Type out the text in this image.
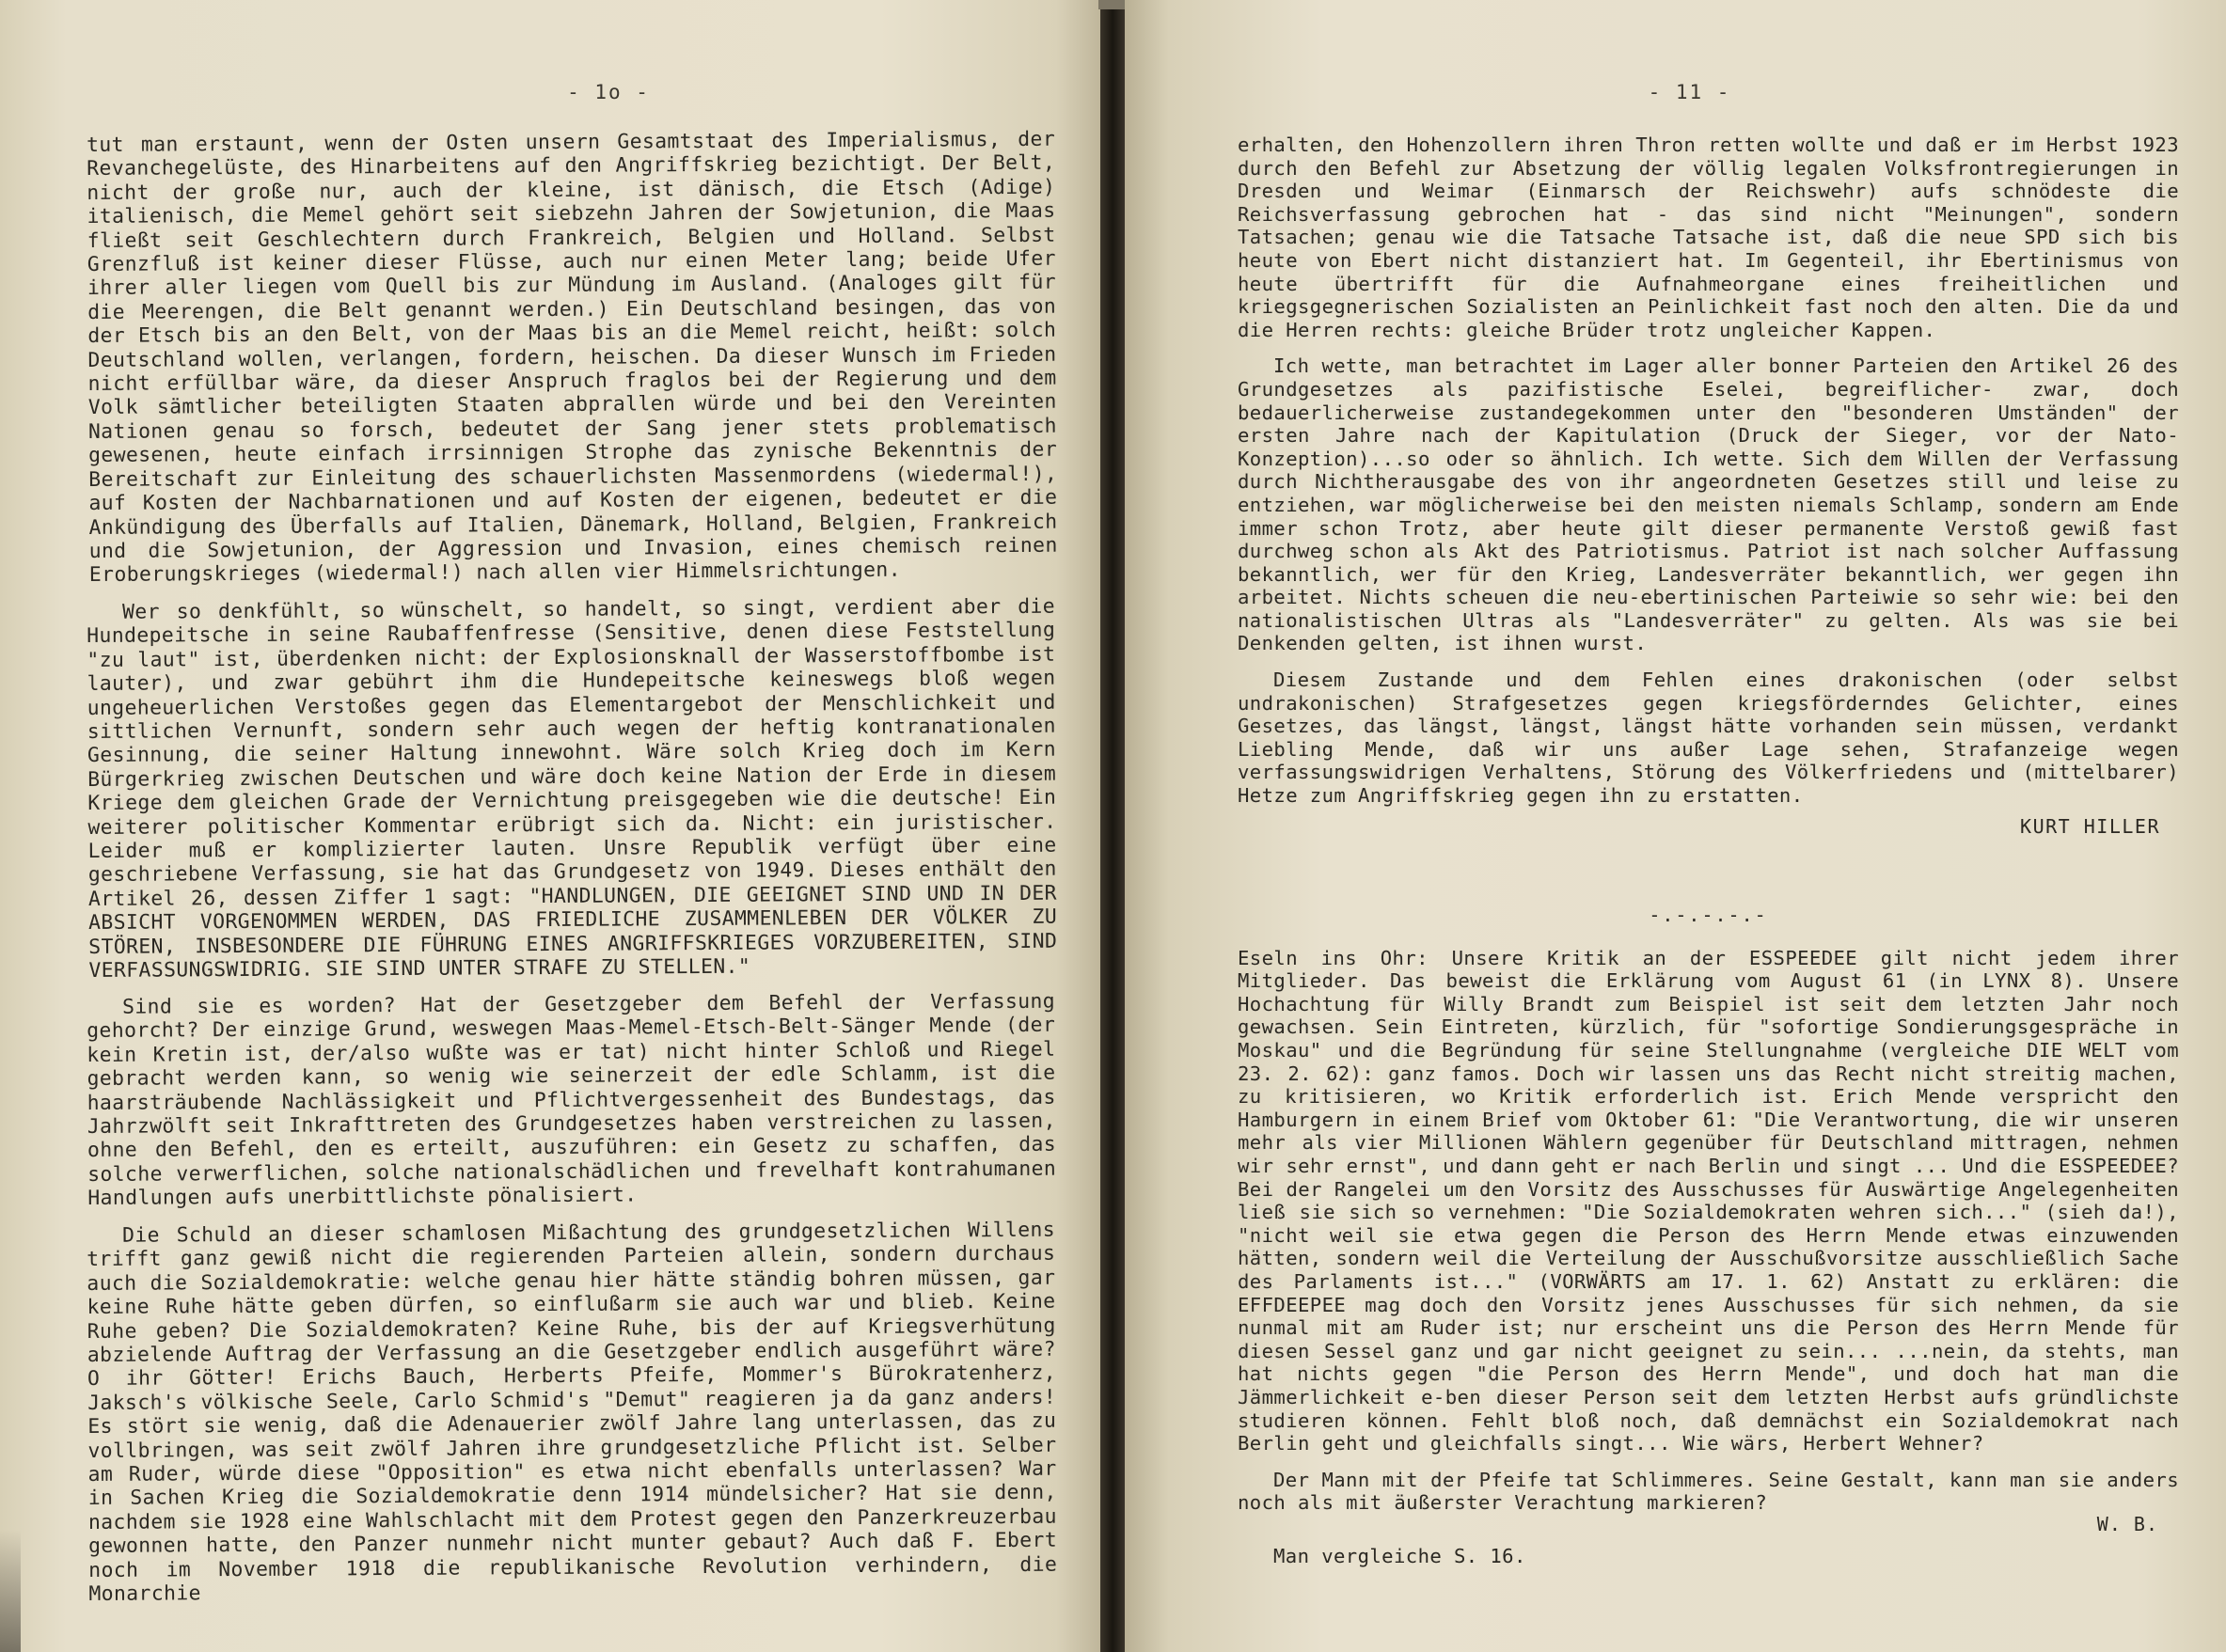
- 1o -

tut man erstaunt, wenn der Osten unsern Gesamtstaat des Imperialismus, der Revanchegelüste, des Hinarbeitens auf den Angriffskrieg bezichtigt. Der Belt, nicht der große nur, auch der kleine, ist dänisch, die Etsch (Adige) italienisch, die Memel gehört seit siebzehn Jahren der Sowjetunion, die Maas fließt seit Geschlechtern durch Frankreich, Belgien und Holland. Selbst Grenzfluß ist keiner dieser Flüsse, auch nur einen Meter lang; beide Ufer ihrer aller liegen vom Quell bis zur Mündung im Ausland. (Analoges gilt für die Meerengen, die Belt genannt werden.) Ein Deutschland besingen, das von der Etsch bis an den Belt, von der Maas bis an die Memel reicht, heißt: solch Deutschland wollen, verlangen, fordern, heischen. Da dieser Wunsch im Frieden nicht erfüllbar wäre, da dieser Anspruch fraglos bei der Regierung und dem Volk sämtlicher beteiligten Staaten abprallen würde und bei den Vereinten Nationen genau so forsch, bedeutet der Sang jener stets problematisch gewesenen, heute einfach irrsinnigen Strophe das zynische Bekenntnis der Bereitschaft zur Einleitung des schauerlichsten Massenmordens (wiedermal!), auf Kosten der Nachbarnationen und auf Kosten der eigenen, bedeutet er die Ankündigung des Überfalls auf Italien, Dänemark, Holland, Belgien, Frankreich und die Sowjetunion, der Aggression und Invasion, eines chemisch reinen Eroberungskrieges (wiedermal!) nach allen vier Himmelsrichtungen.

Wer so denkfühlt, so wünschelt, so handelt, so singt, verdient aber die Hundepeitsche in seine Raubaffenfresse (Sensitive, denen diese Feststellung "zu laut" ist, überdenken nicht: der Explosionsknall der Wasserstoffbombe ist lauter), und zwar gebührt ihm die Hundepeitsche keineswegs bloß wegen ungeheuerlichen Verstoßes gegen das Elementargebot der Menschlichkeit und sittlichen Vernunft, sondern sehr auch wegen der heftig kontranationalen Gesinnung, die seiner Haltung innewohnt. Wäre solch Krieg doch im Kern Bürgerkrieg zwischen Deutschen und wäre doch keine Nation der Erde in diesem Kriege dem gleichen Grade der Vernichtung preisgegeben wie die deutsche! Ein weiterer politischer Kommentar erübrigt sich da. Nicht: ein juristischer. Leider muß er komplizierter lauten. Unsre Republik verfügt über eine geschriebene Verfassung, sie hat das Grundgesetz von 1949. Dieses enthält den Artikel 26, dessen Ziffer 1 sagt: "HANDLUNGEN, DIE GEEIGNET SIND UND IN DER ABSICHT VORGENOMMEN WERDEN, DAS FRIEDLICHE ZUSAMMENLEBEN DER VÖLKER ZU STÖREN, INSBESONDERE DIE FÜHRUNG EINES ANGRIFFSKRIEGES VORZUBEREITEN, SIND VERFASSUNGSWIDRIG. SIE SIND UNTER STRAFE ZU STELLEN."

Sind sie es worden? Hat der Gesetzgeber dem Befehl der Verfassung gehorcht? Der einzige Grund, weswegen Maas-Memel-Etsch-Belt-Sänger Mende (der kein Kretin ist, der/also wußte was er tat) nicht hinter Schloß und Riegel gebracht werden kann, so wenig wie seinerzeit der edle Schlamm, ist die haarsträubende Nachlässigkeit und Pflichtvergessenheit des Bundestags, das Jahrzwölft seit Inkrafttreten des Grundgesetzes haben verstreichen zu lassen, ohne den Befehl, den es erteilt, auszuführen: ein Gesetz zu schaffen, das solche verwerflichen, solche nationalschädlichen und frevelhaft kontrahumanen Handlungen aufs unerbittlichste pönalisiert.

Die Schuld an dieser schamlosen Mißachtung des grundgesetzlichen Willens trifft ganz gewiß nicht die regierenden Parteien allein, sondern durchaus auch die Sozialdemokratie: welche genau hier hätte ständig bohren müssen, gar keine Ruhe hätte geben dürfen, so einflußarm sie auch war und blieb. Keine Ruhe geben? Die Sozialdemokraten? Keine Ruhe, bis der auf Kriegsverhütung abzielende Auftrag der Verfassung an die Gesetzgeber endlich ausgeführt wäre? O ihr Götter! Erichs Bauch, Herberts Pfeife, Mommer's Bürokratenherz, Jaksch's völkische Seele, Carlo Schmid's "Demut" reagieren ja da ganz anders! Es stört sie wenig, daß die Adenauerier zwölf Jahre lang unterlassen, das zu vollbringen, was seit zwölf Jahren ihre grundgesetzliche Pflicht ist. Selber am Ruder, würde diese "Opposition" es etwa nicht ebenfalls unterlassen? War in Sachen Krieg die Sozialdemokratie denn 1914 mündelsicher? Hat sie denn, nachdem sie 1928 eine Wahlschlacht mit dem Protest gegen den Panzerkreuzerbau gewonnen hatte, den Panzer nunmehr nicht munter gebaut? Auch daß F. Ebert noch im November 1918 die republikanische Revolution verhindern, die Monarchie

- 11 -

erhalten, den Hohenzollern ihren Thron retten wollte und daß er im Herbst 1923 durch den Befehl zur Absetzung der völlig legalen Volksfrontregierungen in Dresden und Weimar (Einmarsch der Reichswehr) aufs schnödeste die Reichsverfassung gebrochen hat - das sind nicht "Meinungen", sondern Tatsachen; genau wie die Tatsache Tatsache ist, daß die neue SPD sich bis heute von Ebert nicht distanziert hat. Im Gegenteil, ihr Ebertinismus von heute übertrifft für die Aufnahmeorgane eines freiheitlichen und kriegsgegnerischen Sozialisten an Peinlichkeit fast noch den alten. Die da und die Herren rechts: gleiche Brüder trotz ungleicher Kappen.

Ich wette, man betrachtet im Lager aller bonner Parteien den Artikel 26 des Grundgesetzes als pazifistische Eselei, begreiflicher- zwar, doch bedauerlicherweise zustandegekommen unter den "besonderen Umständen" der ersten Jahre nach der Kapitulation (Druck der Sieger, vor der Nato-Konzeption)...so oder so ähnlich. Ich wette. Sich dem Willen der Verfassung durch Nichtherausgabe des von ihr angeordneten Gesetzes still und leise zu entziehen, war möglicherweise bei den meisten niemals Schlamp, sondern am Ende immer schon Trotz, aber heute gilt dieser permanente Verstoß gewiß fast durchweg schon als Akt des Patriotismus. Patriot ist nach solcher Auffassung bekanntlich, wer für den Krieg, Landesverräter bekanntlich, wer gegen ihn arbeitet. Nichts scheuen die neu-ebertinischen Parteiwie so sehr wie: bei den nationalistischen Ultras als "Landesverräter" zu gelten. Als was sie bei Denkenden gelten, ist ihnen wurst.

Diesem Zustande und dem Fehlen eines drakonischen (oder selbst undrakonischen) Strafgesetzes gegen kriegsförderndes Gelichter, eines Gesetzes, das längst, längst, längst hätte vorhanden sein müssen, verdankt Liebling Mende, daß wir uns außer Lage sehen, Strafanzeige wegen verfassungswidrigen Verhaltens, Störung des Völkerfriedens und (mittelbarer) Hetze zum Angriffskrieg gegen ihn zu erstatten.

KURT HILLER
-.-.-.-.-

Eseln ins Ohr: Unsere Kritik an der ESSPEEDEE gilt nicht jedem ihrer Mitglieder. Das beweist die Erklärung vom August 61 (in LYNX 8). Unsere Hochachtung für Willy Brandt zum Beispiel ist seit dem letzten Jahr noch gewachsen. Sein Eintreten, kürzlich, für "sofortige Sondierungsgespräche in Moskau" und die Begründung für seine Stellungnahme (vergleiche DIE WELT vom 23. 2. 62): ganz famos. Doch wir lassen uns das Recht nicht streitig machen, zu kritisieren, wo Kritik erforderlich ist. Erich Mende verspricht den Hamburgern in einem Brief vom Oktober 61: "Die Verantwortung, die wir unseren mehr als vier Millionen Wählern gegenüber für Deutschland mittragen, nehmen wir sehr ernst", und dann geht er nach Berlin und singt ... Und die ESSPEEDEE? Bei der Rangelei um den Vorsitz des Ausschusses für Auswärtige Angelegenheiten ließ sie sich so vernehmen: "Die Sozialdemokraten wehren sich..." (sieh da!), "nicht weil sie etwa gegen die Person des Herrn Mende etwas einzuwenden hätten, sondern weil die Verteilung der Ausschußvorsitze ausschließlich Sache des Parlaments ist..." (VORWÄRTS am 17. 1. 62) Anstatt zu erklären: die EFFDEEPEE mag doch den Vorsitz jenes Ausschusses für sich nehmen, da sie nunmal mit am Ruder ist; nur erscheint uns die Person des Herrn Mende für diesen Sessel ganz und gar nicht geeignet zu sein... ...nein, da stehts, man hat nichts gegen "die Person des Herrn Mende", und doch hat man die Jämmerlichkeit e-ben dieser Person seit dem letzten Herbst aufs gründlichste studieren können. Fehlt bloß noch, daß demnächst ein Sozialdemokrat nach Berlin geht und gleichfalls singt... Wie wärs, Herbert Wehner?

Der Mann mit der Pfeife tat Schlimmeres. Seine Gestalt, kann man sie anders noch als mit äußerster Verachtung markieren?

W. B.
Man vergleiche S. 16.
